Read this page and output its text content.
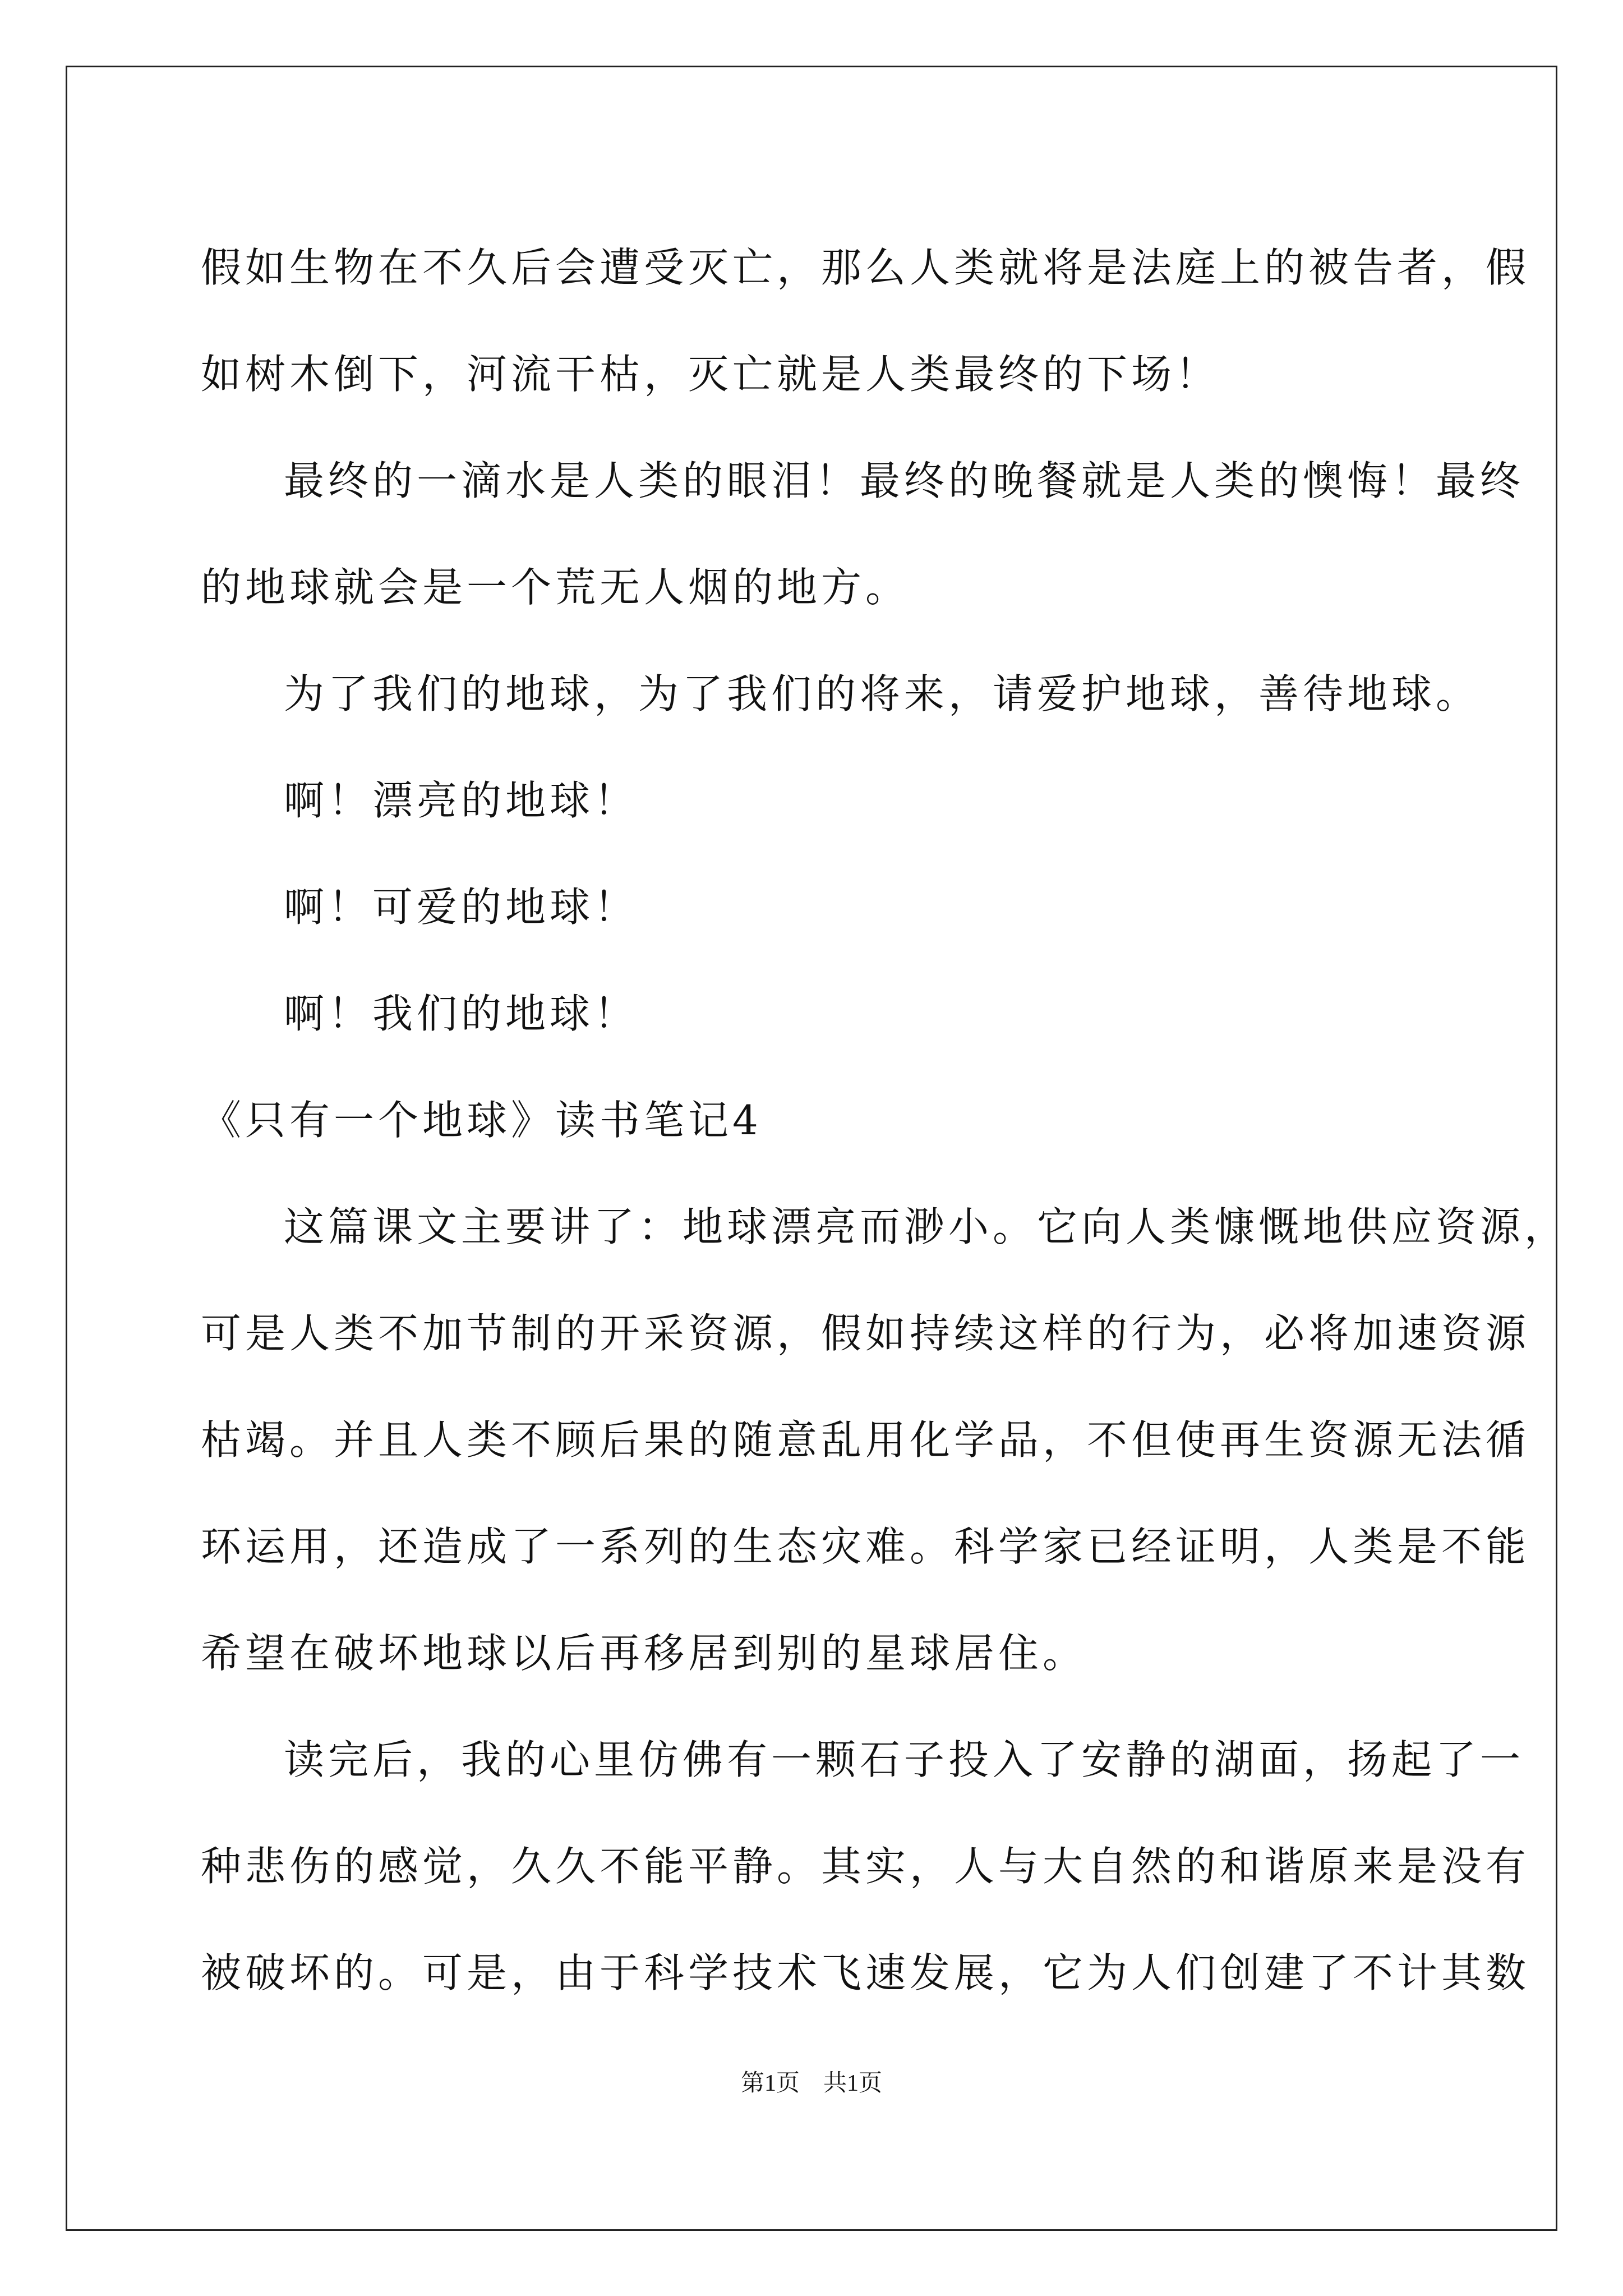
假如生物在不久后会遭受灭亡，那么人类就将是法庭上的被告者，假
如树木倒下，河流干枯，灭亡就是人类最终的下场！
最终的一滴水是人类的眼泪！最终的晚餐就是人类的懊悔！最终
的地球就会是一个荒无人烟的地方。
为了我们的地球，为了我们的将来，请爱护地球，善待地球。
啊！漂亮的地球！
啊！可爱的地球！
啊！我们的地球！
《只有一个地球》读书笔记4
这篇课文主要讲了：地球漂亮而渺小。它向人类慷慨地供应资源，
可是人类不加节制的开采资源，假如持续这样的行为，必将加速资源
枯竭。并且人类不顾后果的随意乱用化学品，不但使再生资源无法循
环运用，还造成了一系列的生态灾难。科学家已经证明，人类是不能
希望在破坏地球以后再移居到别的星球居住。
读完后，我的心里仿佛有一颗石子投入了安静的湖面，扬起了一
种悲伤的感觉，久久不能平静。其实，人与大自然的和谐原来是没有
被破坏的。可是，由于科学技术飞速发展，它为人们创建了不计其数
第1页　共1页
